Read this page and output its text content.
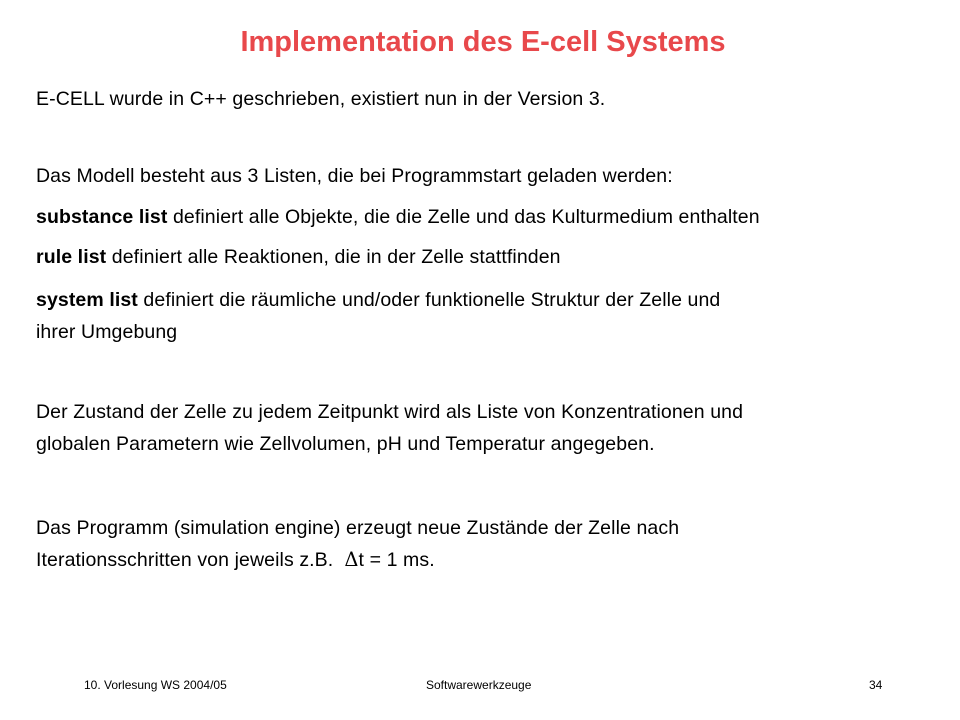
Implementation des E-cell Systems
E-CELL wurde in C++ geschrieben, existiert nun in der Version 3.
Das Modell besteht aus 3 Listen, die bei Programmstart geladen werden:
substance list definiert alle Objekte, die die Zelle und das Kulturmedium enthalten
rule list definiert alle Reaktionen, die in der Zelle stattfinden
system list definiert die räumliche und/oder funktionelle Struktur der Zelle und
ihrer Umgebung
Der Zustand der Zelle zu jedem Zeitpunkt wird als Liste von Konzentrationen und
globalen Parametern wie Zellvolumen, pH und Temperatur angegeben.
Das Programm (simulation engine) erzeugt neue Zustände der Zelle nach
Iterationsschritten von jeweils z.B.  Δt = 1 ms.
10. Vorlesung WS 2004/05	Softwarewerkzeuge	34
